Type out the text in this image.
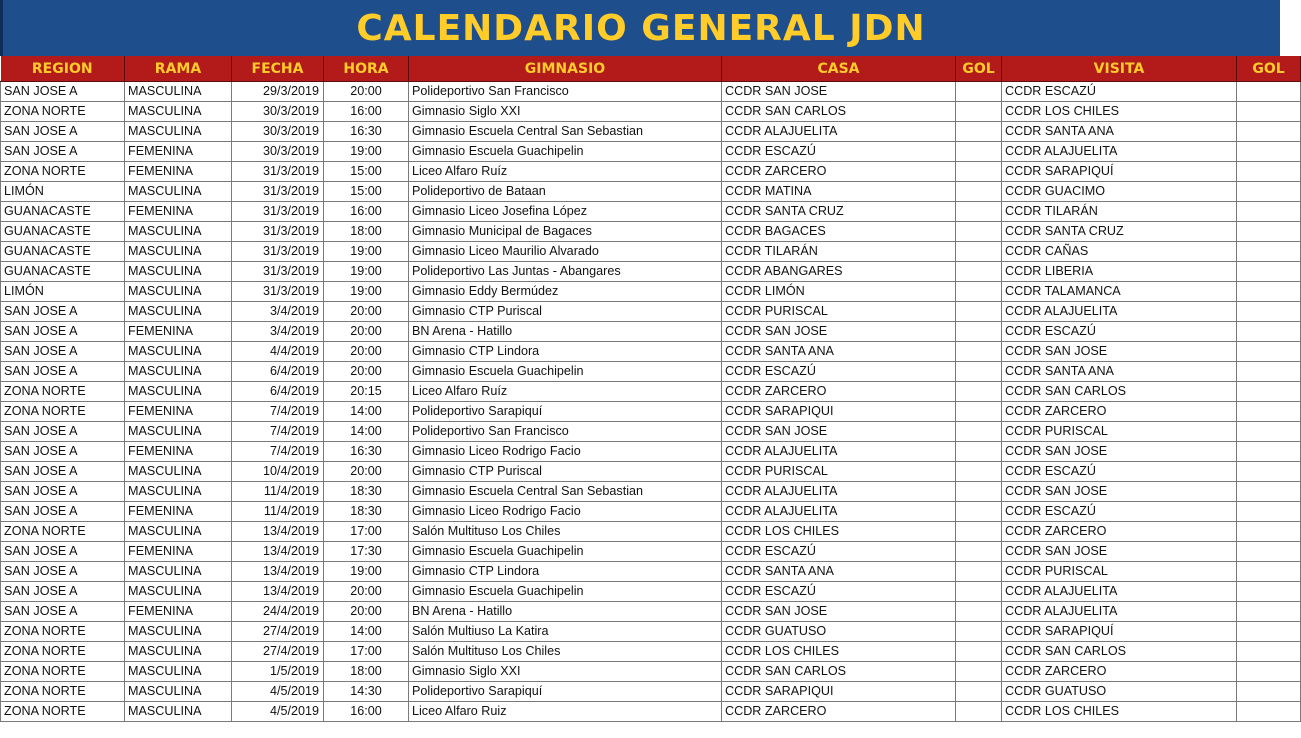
CALENDARIO GENERAL JDN
REGION	RAMA	FECHA	HORA	GIMNASIO	CASA	GOL	VISITA	GOL
SAN JOSE A	MASCULINA	29/3/2019	20:00	Polideportivo San Francisco	CCDR SAN JOSE		CCDR ESCAZÚ	
ZONA NORTE	MASCULINA	30/3/2019	16:00	Gimnasio Siglo XXI	CCDR SAN CARLOS		CCDR LOS CHILES	
SAN JOSE A	MASCULINA	30/3/2019	16:30	Gimnasio Escuela Central San Sebastian	CCDR ALAJUELITA		CCDR SANTA ANA	
SAN JOSE A	FEMENINA	30/3/2019	19:00	Gimnasio Escuela Guachipelin	CCDR ESCAZÚ		CCDR ALAJUELITA	
ZONA NORTE	FEMENINA	31/3/2019	15:00	Liceo Alfaro Ruíz	CCDR ZARCERO		CCDR SARAPIQUÍ	
LIMÓN	MASCULINA	31/3/2019	15:00	Polideportivo de Bataan	CCDR MATINA		CCDR GUACIMO	
GUANACASTE	FEMENINA	31/3/2019	16:00	Gimnasio Liceo Josefina López	CCDR SANTA CRUZ		CCDR TILARÁN	
GUANACASTE	MASCULINA	31/3/2019	18:00	Gimnasio Municipal de Bagaces	CCDR BAGACES		CCDR SANTA CRUZ	
GUANACASTE	MASCULINA	31/3/2019	19:00	Gimnasio Liceo Maurilio Alvarado	CCDR TILARÁN		CCDR CAÑAS	
GUANACASTE	MASCULINA	31/3/2019	19:00	Polideportivo Las Juntas - Abangares	CCDR ABANGARES		CCDR LIBERIA	
LIMÓN	MASCULINA	31/3/2019	19:00	Gimnasio Eddy Bermúdez	CCDR LIMÓN		CCDR TALAMANCA	
SAN JOSE A	MASCULINA	3/4/2019	20:00	Gimnasio CTP Puriscal	CCDR PURISCAL		CCDR ALAJUELITA	
SAN JOSE A	FEMENINA	3/4/2019	20:00	BN Arena - Hatillo	CCDR SAN JOSE		CCDR ESCAZÚ	
SAN JOSE A	MASCULINA	4/4/2019	20:00	Gimnasio CTP Lindora	CCDR SANTA ANA		CCDR SAN JOSE	
SAN JOSE A	MASCULINA	6/4/2019	20:00	Gimnasio Escuela Guachipelin	CCDR ESCAZÚ		CCDR SANTA ANA	
ZONA NORTE	MASCULINA	6/4/2019	20:15	Liceo Alfaro Ruíz	CCDR ZARCERO		CCDR SAN CARLOS	
ZONA NORTE	FEMENINA	7/4/2019	14:00	Polideportivo Sarapiquí	CCDR SARAPIQUI		CCDR ZARCERO	
SAN JOSE A	MASCULINA	7/4/2019	14:00	Polideportivo San Francisco	CCDR SAN JOSE		CCDR PURISCAL	
SAN JOSE A	FEMENINA	7/4/2019	16:30	Gimnasio Liceo Rodrigo Facio	CCDR ALAJUELITA		CCDR SAN JOSE	
SAN JOSE A	MASCULINA	10/4/2019	20:00	Gimnasio CTP Puriscal	CCDR PURISCAL		CCDR ESCAZÚ	
SAN JOSE A	MASCULINA	11/4/2019	18:30	Gimnasio Escuela Central San Sebastian	CCDR ALAJUELITA		CCDR SAN JOSE	
SAN JOSE A	FEMENINA	11/4/2019	18:30	Gimnasio Liceo Rodrigo Facio	CCDR ALAJUELITA		CCDR ESCAZÚ	
ZONA NORTE	MASCULINA	13/4/2019	17:00	Salón Multituso Los Chiles	CCDR LOS CHILES		CCDR ZARCERO	
SAN JOSE A	FEMENINA	13/4/2019	17:30	Gimnasio Escuela Guachipelin	CCDR ESCAZÚ		CCDR SAN JOSE	
SAN JOSE A	MASCULINA	13/4/2019	19:00	Gimnasio CTP Lindora	CCDR SANTA ANA		CCDR PURISCAL	
SAN JOSE A	MASCULINA	13/4/2019	20:00	Gimnasio Escuela Guachipelin	CCDR ESCAZÚ		CCDR ALAJUELITA	
SAN JOSE A	FEMENINA	24/4/2019	20:00	BN Arena - Hatillo	CCDR SAN JOSE		CCDR ALAJUELITA	
ZONA NORTE	MASCULINA	27/4/2019	14:00	Salón Multiuso La Katira	CCDR GUATUSO		CCDR SARAPIQUÍ	
ZONA NORTE	MASCULINA	27/4/2019	17:00	Salón Multituso Los Chiles	CCDR LOS CHILES		CCDR SAN CARLOS	
ZONA NORTE	MASCULINA	1/5/2019	18:00	Gimnasio Siglo XXI	CCDR SAN CARLOS		CCDR ZARCERO	
ZONA NORTE	MASCULINA	4/5/2019	14:30	Polideportivo Sarapiquí	CCDR SARAPIQUI		CCDR GUATUSO	
ZONA NORTE	MASCULINA	4/5/2019	16:00	Liceo Alfaro Ruiz	CCDR ZARCERO		CCDR LOS CHILES	
